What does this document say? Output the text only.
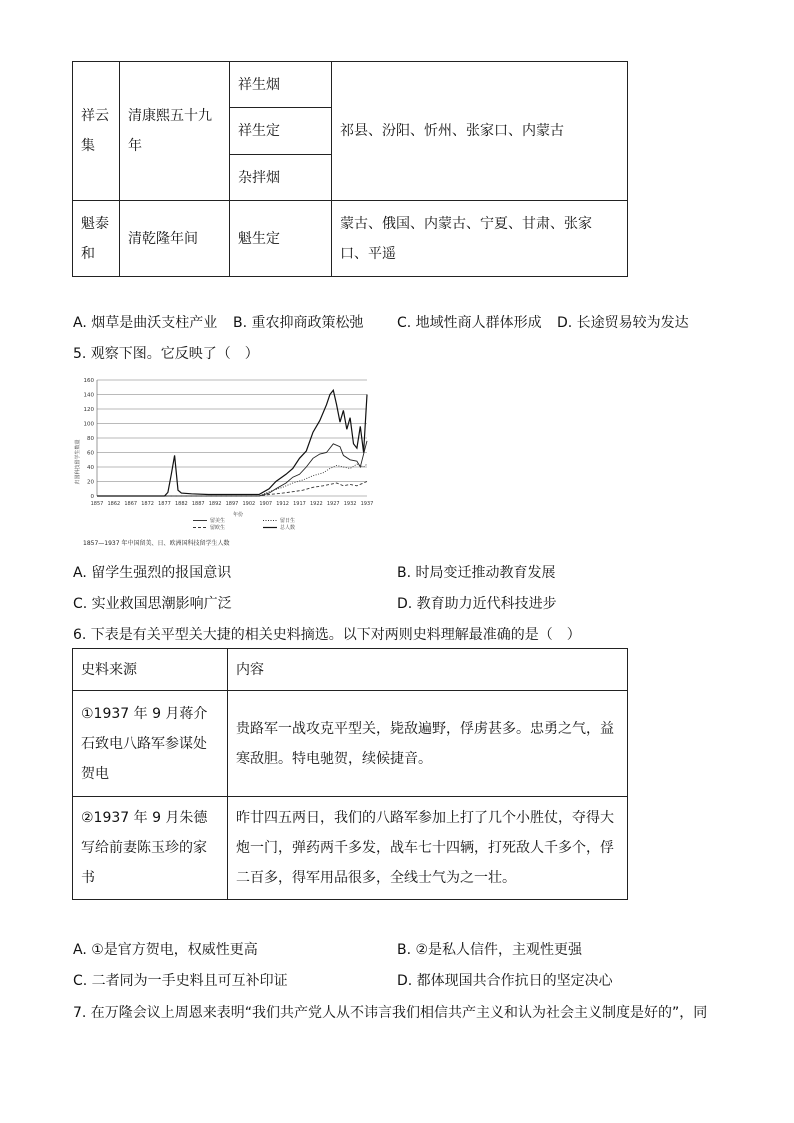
祥云集	清康熙五十九年	祥生烟	祁县、汾阳、忻州、张家口、内蒙古
		祥生定	
		杂拌烟	
魁泰和	清乾隆年间	魁生定	蒙古、俄国、内蒙古、宁夏、甘肃、张家口、平遥
A. 烟草是曲沃支柱产业 B. 重农抑商政策松弛 C. 地域性商人群体形成 D. 长途贸易较为发达
5. 观察下图。它反映了（　）
0
20
40
60
80
100
120
140
160
1857 1862 1867 1872 1877 1882 1887 1892 1897 1902 1907 1912 1917 1922 1927 1932 1937
归国科技留学生数量
年份
留美生	留日生
留欧生	总人数
1857—1937 年中国留美、日、欧洲国科技留学生人数
A. 留学生强烈的报国意识	B. 时局变迁推动教育发展
C. 实业救国思潮影响广泛	D. 教育助力近代科技进步
6. 下表是有关平型关大捷的相关史料摘选。以下对两则史料理解最准确的是（　）
史料来源	内容
①1937 年 9 月蒋介石致电八路军参谋处贺电	贵路军一战攻克平型关，毙敌遍野，俘虏甚多。忠勇之气，益寒敌胆。特电驰贺，续候捷音。
②1937 年 9 月朱德写给前妻陈玉珍的家书	昨廿四五两日，我们的八路军参加上打了几个小胜仗，夺得大炮一门，弹药两千多发，战车七十四辆，打死敌人千多个，俘二百多，得军用品很多，全线士气为之一壮。
A. ①是官方贺电，权威性更高	B. ②是私人信件，主观性更强
C. 二者同为一手史料且可互补印证	D. 都体现国共合作抗日的坚定决心
7. 在万隆会议上周恩来表明“我们共产党人从不讳言我们相信共产主义和认为社会主义制度是好的”，同
